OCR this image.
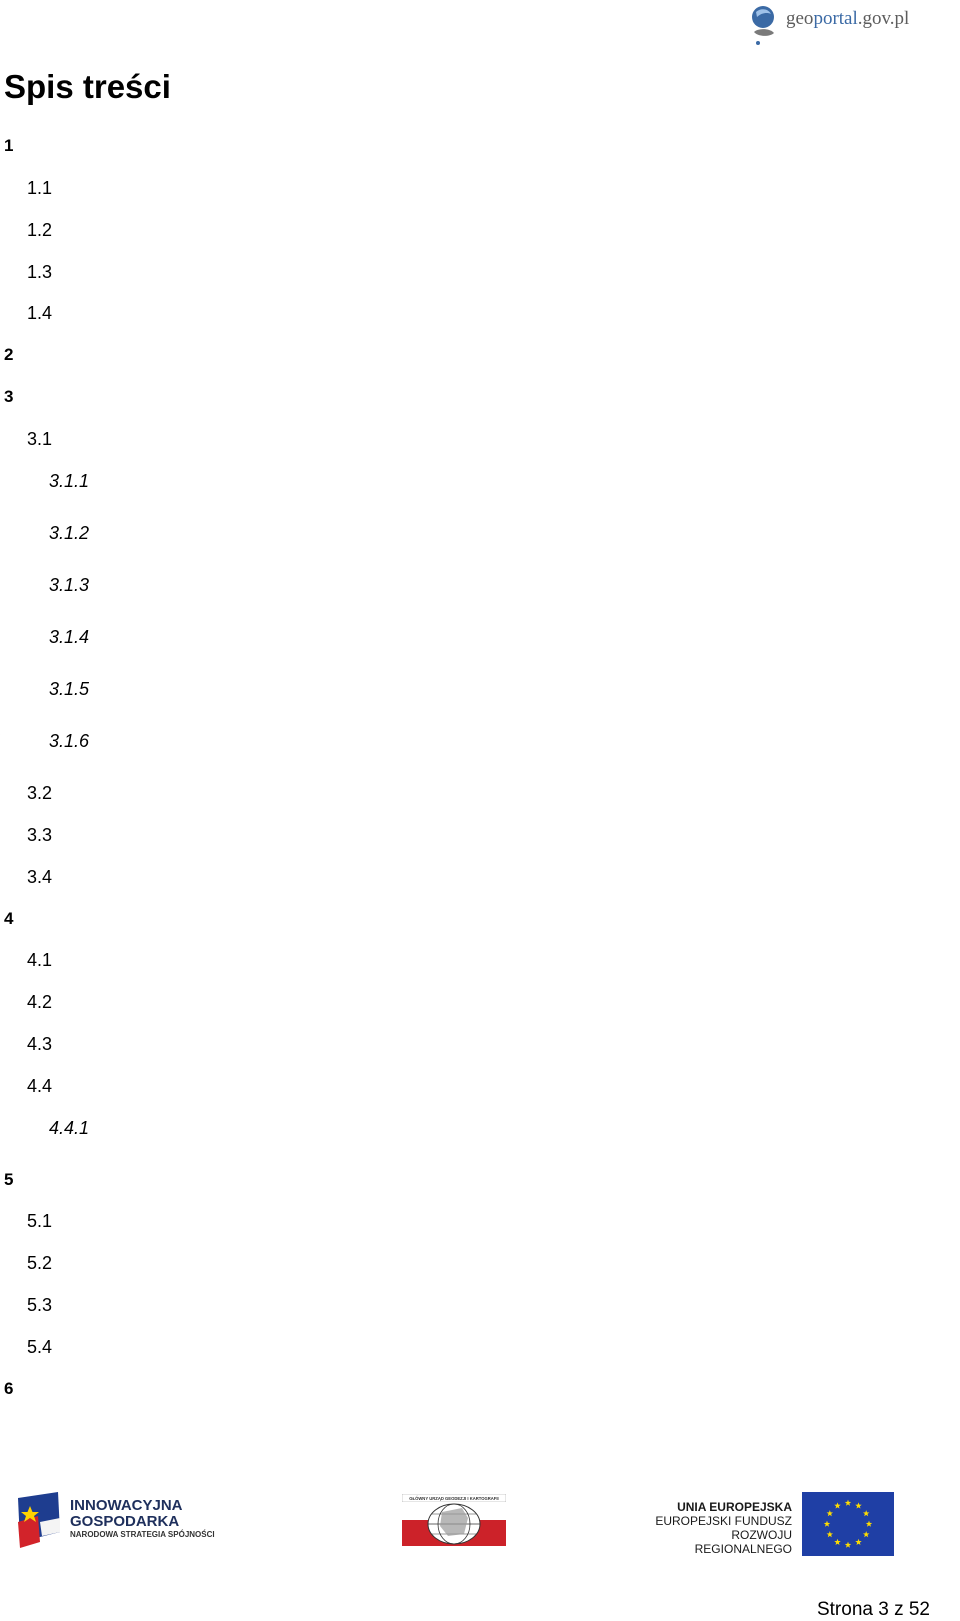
geoportal.gov.pl
Spis treści
1
1.1
1.2
1.3
1.4
2
3
3.1
3.1.1
3.1.2
3.1.3
3.1.4
3.1.5
3.1.6
3.2
3.3
3.4
4
4.1
4.2
4.3
4.4
4.4.1
5
5.1
5.2
5.3
5.4
6
INNOWACYJNA
GOSPODARKA
NARODOWA STRATEGIA SPÓJNOŚCI
GŁÓWNY URZĄD GEODEZJI I KARTOGRAFII
UNIA EUROPEJSKA
EUROPEJSKI FUNDUSZ
ROZWOJU REGIONALNEGO
Strona 3 z 52
